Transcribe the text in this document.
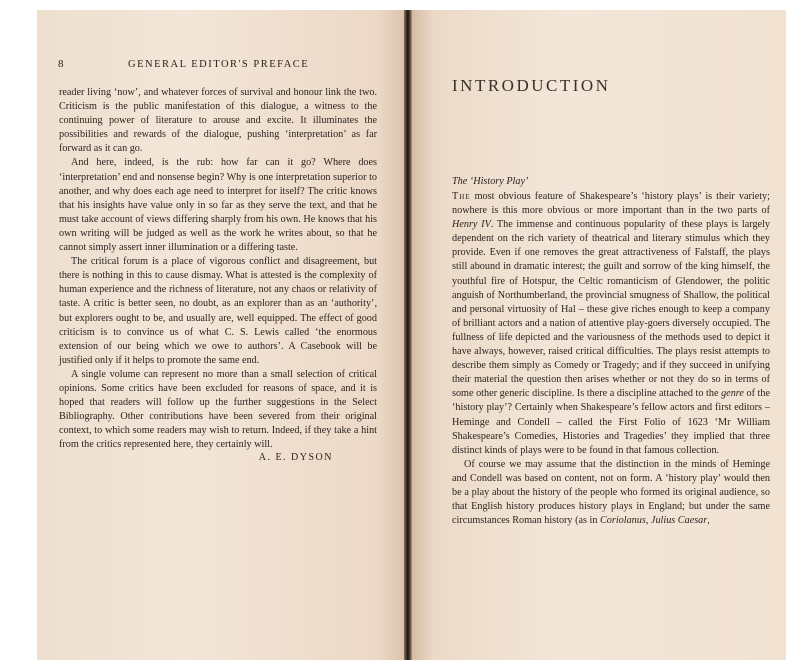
8	GENERAL EDITOR'S PREFACE

reader living ‘now’, and whatever forces of survival and honour link the two. Criticism is the public manifestation of this dialogue, a witness to the continuing power of literature to arouse and excite. It illuminates the possibilities and rewards of the dialogue, pushing ‘interpretation’ as far forward as it can go.

And here, indeed, is the rub: how far can it go? Where does ‘interpretation’ end and nonsense begin? Why is one interpretation superior to another, and why does each age need to interpret for itself? The critic knows that his insights have value only in so far as they serve the text, and that he must take account of views differing sharply from his own. He knows that his own writing will be judged as well as the work he writes about, so that he cannot simply assert inner illumination or a differing taste.

The critical forum is a place of vigorous conflict and disagreement, but there is nothing in this to cause dismay. What is attested is the complexity of human experience and the richness of literature, not any chaos or relativity of taste. A critic is better seen, no doubt, as an explorer than as an ‘authority’, but explorers ought to be, and usually are, well equipped. The effect of good criticism is to convince us of what C. S. Lewis called ‘the enormous extension of our being which we owe to authors’. A Casebook will be justified only if it helps to promote the same end.

A single volume can represent no more than a small selection of critical opinions. Some critics have been excluded for reasons of space, and it is hoped that readers will follow up the further suggestions in the Select Bibliography. Other contributions have been severed from their original context, to which some readers may wish to return. Indeed, if they take a hint from the critics represented here, they certainly will.

A. E. DYSON
INTRODUCTION

The ‘History Play’

The most obvious feature of Shakespeare’s ‘history plays’ is their variety; nowhere is this more obvious or more important than in the two parts of Henry IV. The immense and continuous popularity of these plays is largely dependent on the rich variety of theatrical and literary stimulus which they provide. Even if one removes the great attractiveness of Falstaff, the plays still abound in dramatic interest; the guilt and sorrow of the king himself, the youthful fire of Hotspur, the Celtic romanticism of Glendower, the politic anguish of Northumberland, the provincial smugness of Shallow, the political and personal virtuosity of Hal – these give riches enough to keep a company of brilliant actors and a nation of attentive play-goers diversely occupied. The fullness of life depicted and the variousness of the methods used to depict it have always, however, raised critical difficulties. The plays resist attempts to describe them simply as Comedy or Tragedy; and if they succeed in unifying their material the question then arises whether or not they do so in terms of some other generic discipline. Is there a discipline attached to the genre of the ‘history play’? Certainly when Shakespeare’s fellow actors and first editors – Heminge and Condell – called the First Folio of 1623 ‘Mr William Shakespeare’s Comedies, Histories and Tragedies’ they implied that three distinct kinds of plays were to be found in that famous collection.

Of course we may assume that the distinction in the minds of Heminge and Condell was based on content, not on form. A ‘history play’ would then be a play about the history of the people who formed its original audience, so that English history produces history plays in England; but under the same circumstances Roman history (as in Coriolanus, Julius Caesar,
